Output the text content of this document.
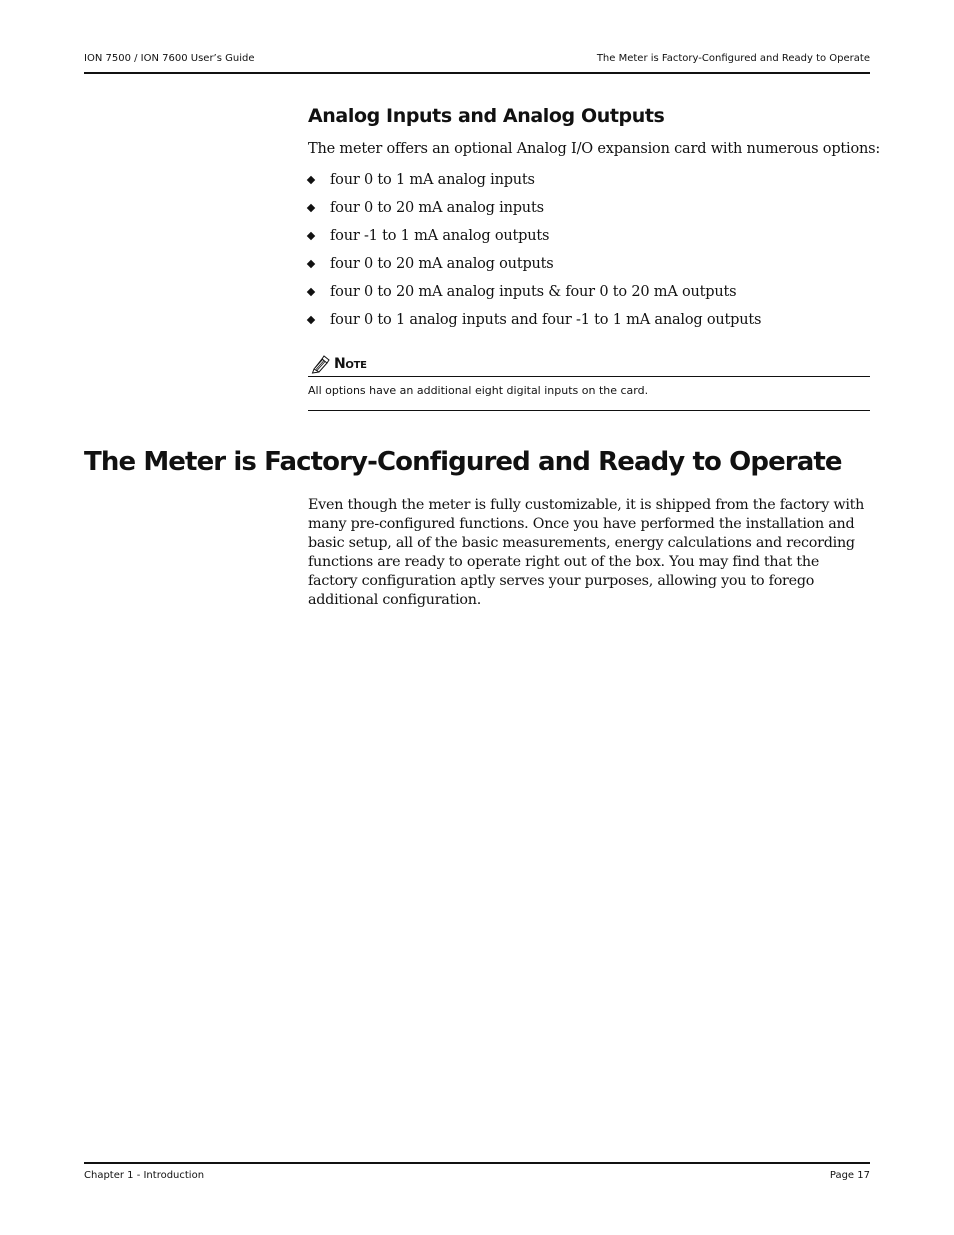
ION 7500 / ION 7600 User’s Guide	The Meter is Factory-Configured and Ready to Operate
Analog Inputs and Analog Outputs

The meter offers an optional Analog I/O expansion card with numerous options:

four 0 to 1 mA analog inputs
four 0 to 20 mA analog inputs
four -1 to 1 mA analog outputs
four 0 to 20 mA analog outputs
four 0 to 20 mA analog inputs & four 0 to 20 mA outputs
four 0 to 1 analog inputs and four -1 to 1 mA analog outputs
Note
All options have an additional eight digital inputs on the card.
The Meter is Factory-Configured and Ready to Operate

Even though the meter is fully customizable, it is shipped from the factory with many pre-configured functions. Once you have performed the installation and basic setup, all of the basic measurements, energy calculations and recording functions are ready to operate right out of the box. You may find that the factory configuration aptly serves your purposes, allowing you to forego additional configuration.

Chapter 1 - Introduction	Page 17
